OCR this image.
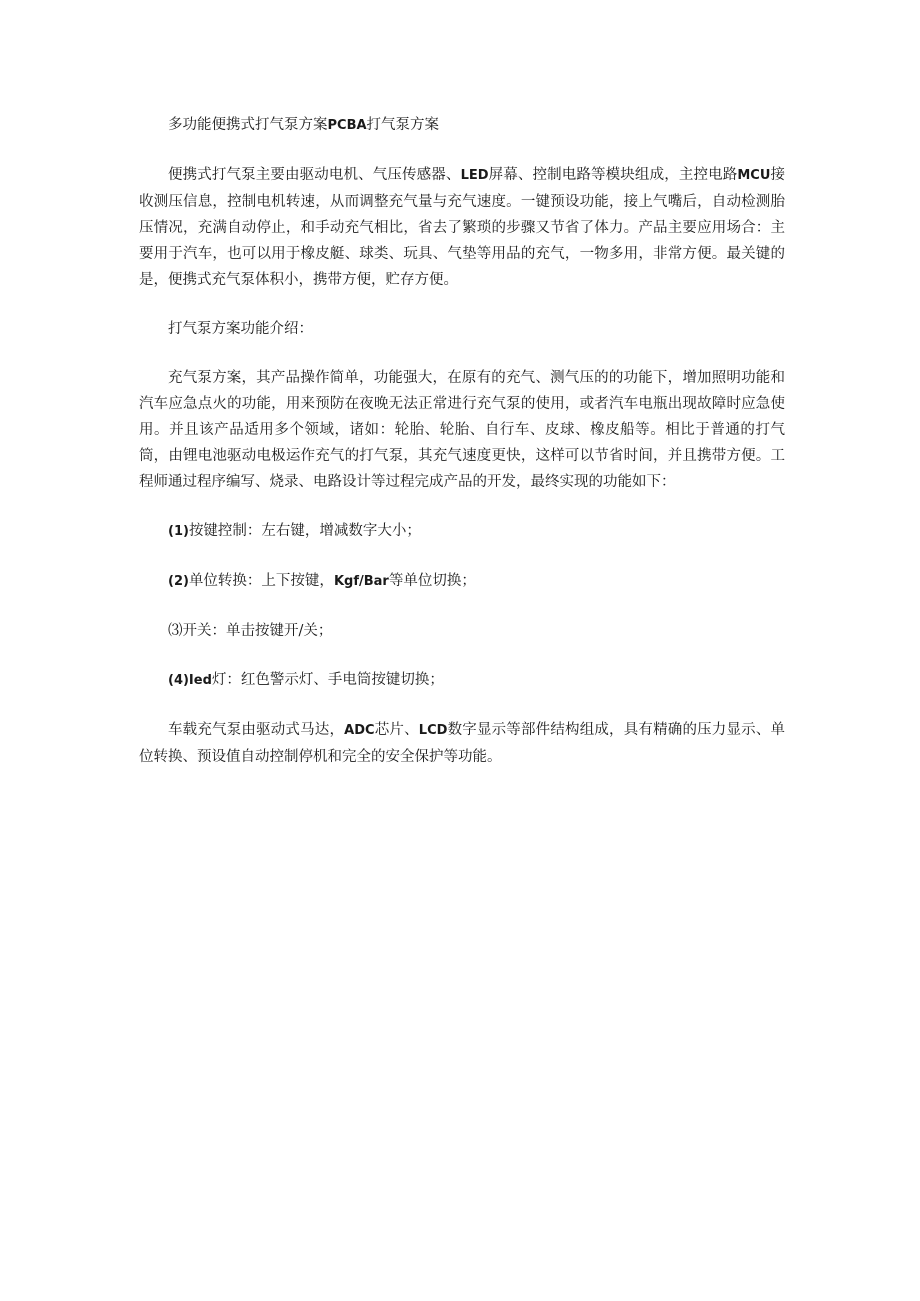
多功能便携式打气泵方案PCBA打气泵方案

便携式打气泵主要由驱动电机、气压传感器、LED屏幕、控制电路等模块组成，主控电路MCU接收测压信息，控制电机转速，从而调整充气量与充气速度。一键预设功能，接上气嘴后，自动检测胎压情况，充满自动停止，和手动充气相比，省去了繁琐的步骤又节省了体力。产品主要应用场合：主要用于汽车，也可以用于橡皮艇、球类、玩具、气垫等用品的充气，一物多用，非常方便。最关键的是，便携式充气泵体积小，携带方便，贮存方便。

打气泵方案功能介绍：

充气泵方案，其产品操作简单，功能强大，在原有的充气、测气压的的功能下，增加照明功能和汽车应急点火的功能，用来预防在夜晚无法正常进行充气泵的使用，或者汽车电瓶出现故障时应急使用。并且该产品适用多个领域，诸如：轮胎、轮胎、自行车、皮球、橡皮船等。相比于普通的打气筒，由锂电池驱动电极运作充气的打气泵，其充气速度更快，这样可以节省时间，并且携带方便。工程师通过程序编写、烧录、电路设计等过程完成产品的开发，最终实现的功能如下：

(1)按键控制：左右键，增减数字大小；

(2)单位转换：上下按键，Kgf/Bar等单位切换；

⑶开关：单击按键开/关；

(4)Ied灯：红色警示灯、手电筒按键切换；

车载充气泵由驱动式马达，ADC芯片、LCD数字显示等部件结构组成，具有精确的压力显示、单位转换、预设值自动控制停机和完全的安全保护等功能。
